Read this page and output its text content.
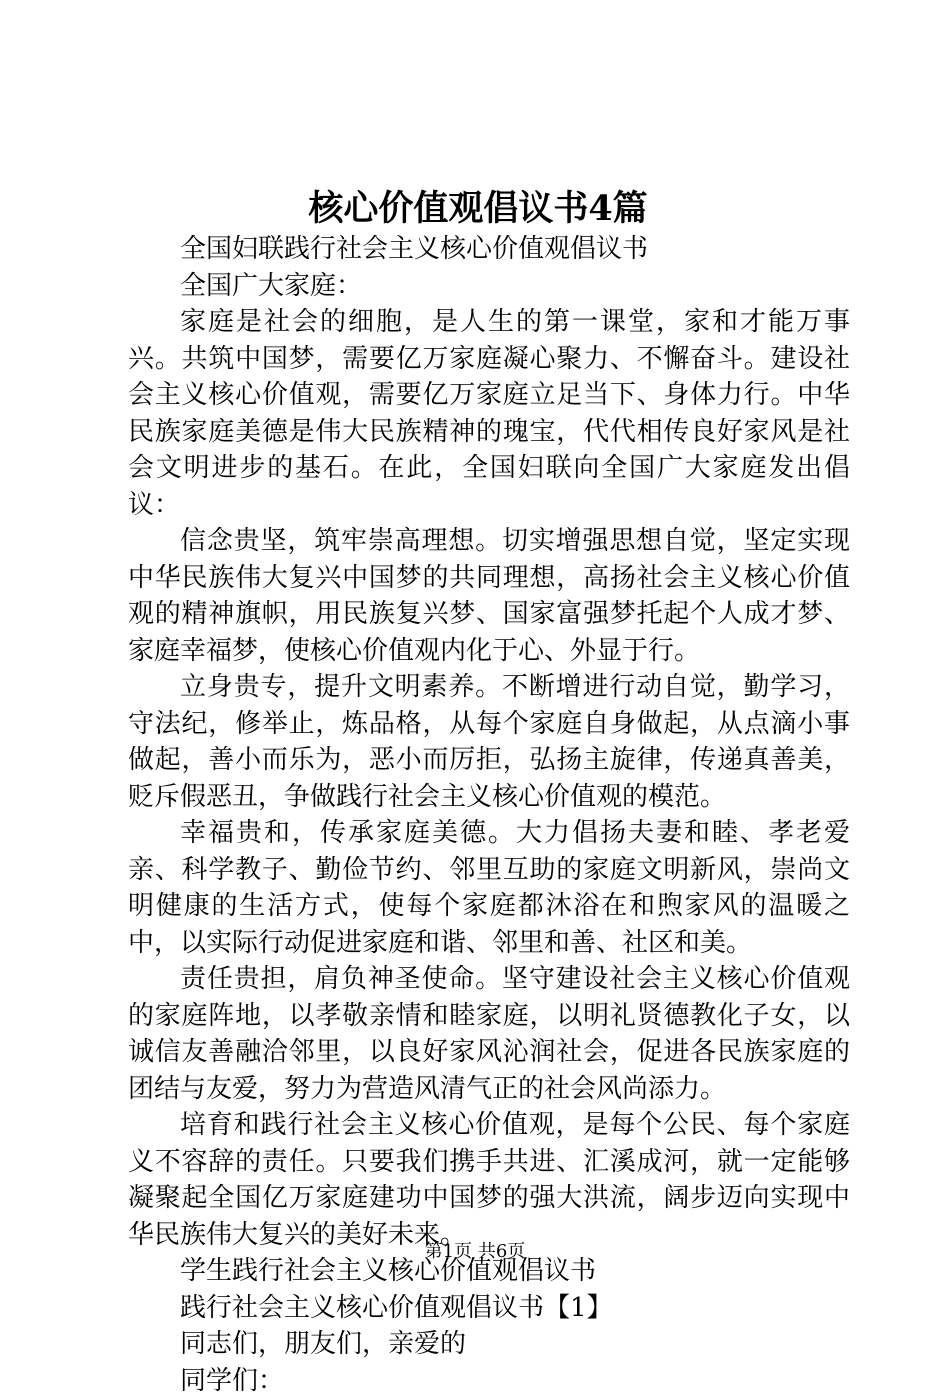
核心价值观倡议书4篇

全国妇联践行社会主义核心价值观倡议书

全国广大家庭：

家庭是社会的细胞，是人生的第一课堂，家和才能万事兴。共筑中国梦，需要亿万家庭凝心聚力、不懈奋斗。建设社会主义核心价值观，需要亿万家庭立足当下、身体力行。中华民族家庭美德是伟大民族精神的瑰宝，代代相传良好家风是社会文明进步的基石。在此，全国妇联向全国广大家庭发出倡议：

信念贵坚，筑牢崇高理想。切实增强思想自觉，坚定实现中华民族伟大复兴中国梦的共同理想，高扬社会主义核心价值观的精神旗帜，用民族复兴梦、国家富强梦托起个人成才梦、家庭幸福梦，使核心价值观内化于心、外显于行。

立身贵专，提升文明素养。不断增进行动自觉，勤学习，守法纪，修举止，炼品格，从每个家庭自身做起，从点滴小事做起，善小而乐为，恶小而厉拒，弘扬主旋律，传递真善美，贬斥假恶丑，争做践行社会主义核心价值观的模范。

幸福贵和，传承家庭美德。大力倡扬夫妻和睦、孝老爱亲、科学教子、勤俭节约、邻里互助的家庭文明新风，崇尚文明健康的生活方式，使每个家庭都沐浴在和煦家风的温暖之中，以实际行动促进家庭和谐、邻里和善、社区和美。

责任贵担，肩负神圣使命。坚守建设社会主义核心价值观的家庭阵地，以孝敬亲情和睦家庭，以明礼贤德教化子女，以诚信友善融洽邻里，以良好家风沁润社会，促进各民族家庭的团结与友爱，努力为营造风清气正的社会风尚添力。

培育和践行社会主义核心价值观，是每个公民、每个家庭义不容辞的责任。只要我们携手共进、汇溪成河，就一定能够凝聚起全国亿万家庭建功中国梦的强大洪流，阔步迈向实现中华民族伟大复兴的美好未来。

学生践行社会主义核心价值观倡议书

践行社会主义核心价值观倡议书【1】

同志们，朋友们，亲爱的

同学们：

第1页 共6页
